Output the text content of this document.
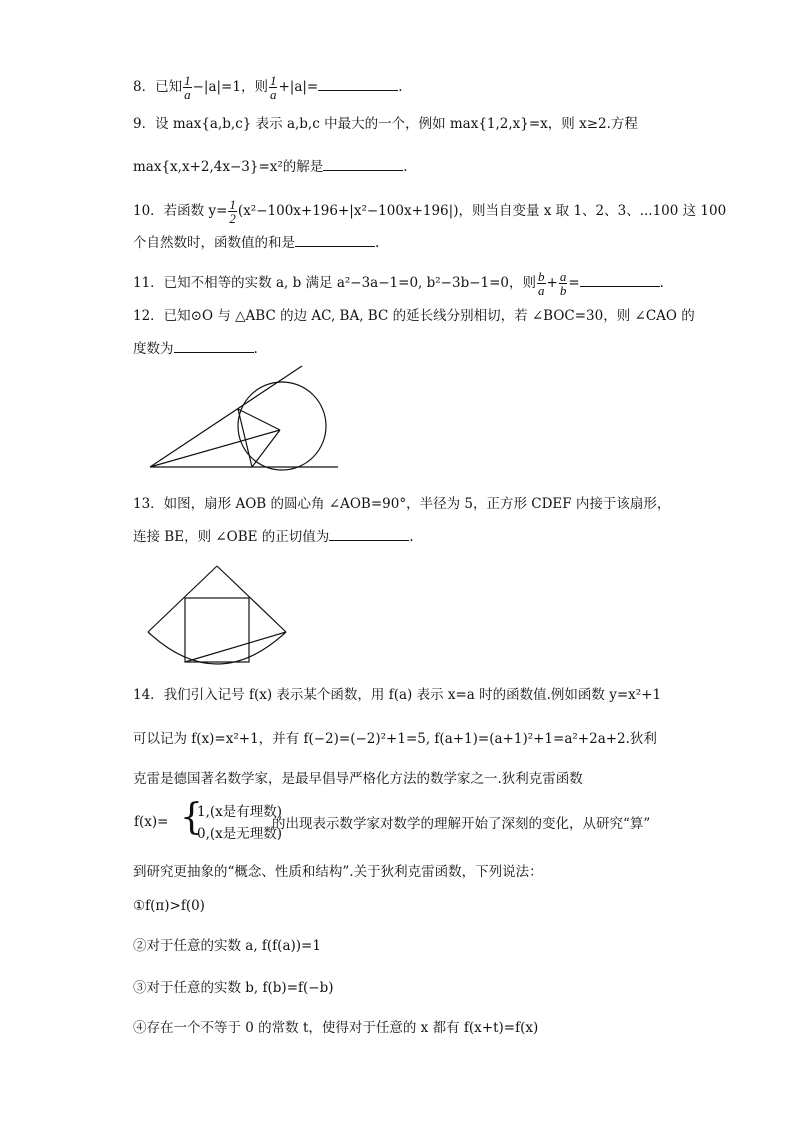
8．已知 $\frac{1}{a} -|a|=1$，则 $\frac{1}{a} +|a|=$	.
9．设 max{a,b,c} 表示 a,b,c 中最大的一个，例如 max{1,2,x}=x，则 x≥2.方程
max{x,x+2,4x−3}=x²的解是	.
10．若函数 $y= \frac{1}{2} (x^2-100x+196+|x^2-100x+196|)$，则当自变量 x 取 1、2、3、...100 这 100
个自然数时，函数值的和是	.
11．已知不相等的实数 a, b 满足 a²−3a−1=0, b²−3b−1=0，则 $\frac{b}{a} + \frac{a}{b}$ =	.
12．已知⊙O 与 △ABC 的边 AC, BA, BC 的延长线分别相切，若 ∠BOC=30，则 ∠CAO 的
度数为	.
13．如图，扇形 AOB 的圆心角 ∠AOB=90°，半径为 5，正方形 CDEF 内接于该扇形，
连接 BE，则 ∠OBE 的正切值为	.
14．我们引入记号 f(x) 表示某个函数，用 f(a) 表示 x=a 时的函数值.例如函数 y=x²+1
可以记为 f(x)=x²+1，并有 f(−2)=(−2)²+1=5, f(a+1)=(a+1)²+1=a²+2a+2.狄利
克雷是德国著名数学家，是最早倡导严格化方法的数学家之一.狄利克雷函数
f(x)= {
1,(x是有理数)
0,(x是无理数)
的出现表示数学家对数学的理解开始了深刻的变化，从研究“算”
到研究更抽象的“概念、性质和结构”.关于狄利克雷函数，下列说法：
①f(π)>f(0)
②对于任意的实数 a, f(f(a))=1
③对于任意的实数 b, f(b)=f(−b)
④存在一个不等于 0 的常数 t，使得对于任意的 x 都有 f(x+t)=f(x)
